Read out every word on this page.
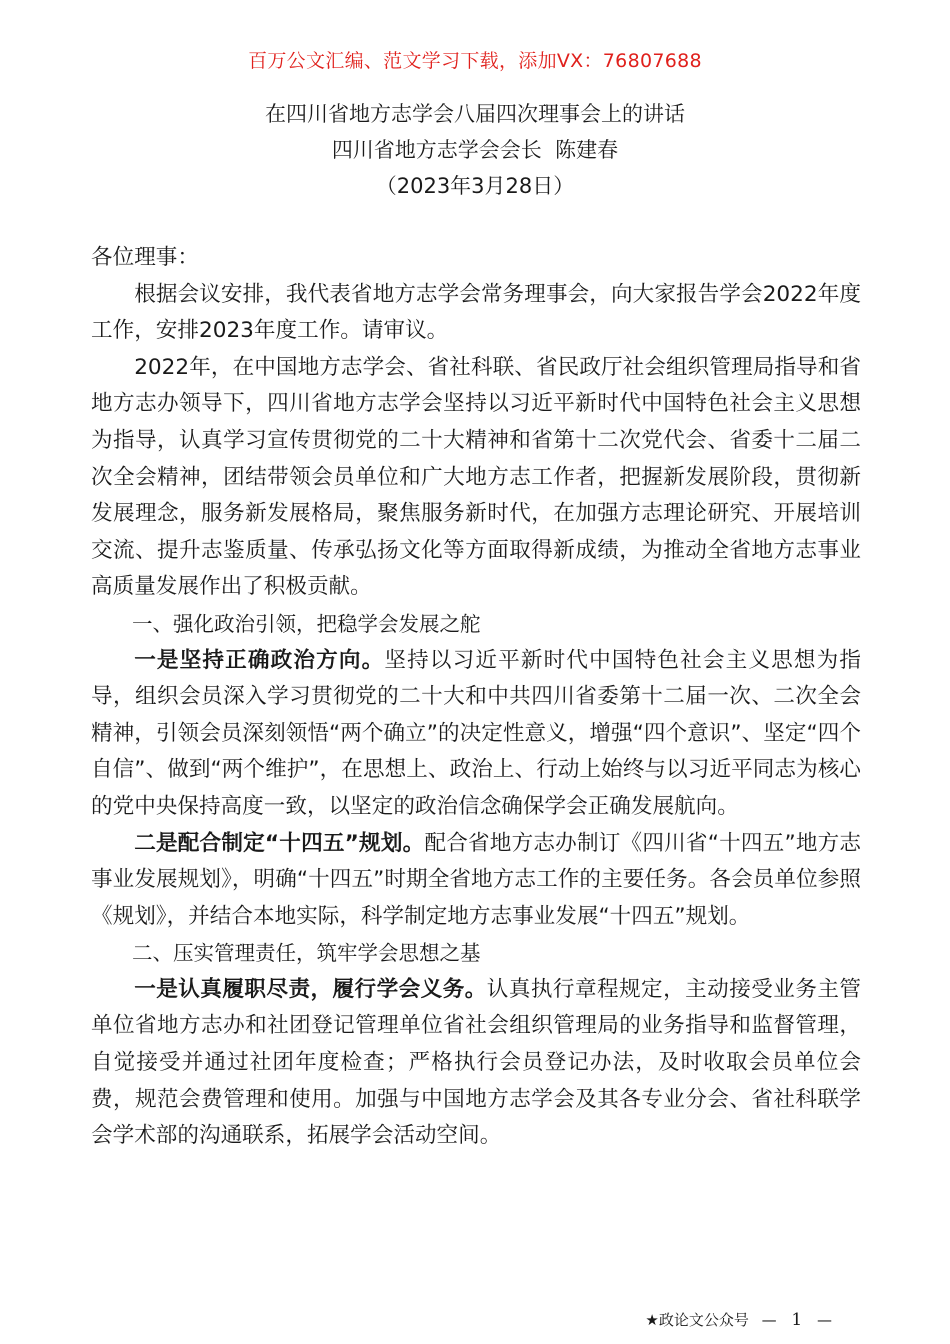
百万公文汇编、范文学习下载，添加VX：76807688
在四川省地方志学会八届四次理事会上的讲话
四川省地方志学会会长  陈建春
（2023年3月28日）
各位理事：
根据会议安排，我代表省地方志学会常务理事会，向大家报告学会2022年度工作，安排2023年度工作。请审议。
2022年，在中国地方志学会、省社科联、省民政厅社会组织管理局指导和省地方志办领导下，四川省地方志学会坚持以习近平新时代中国特色社会主义思想为指导，认真学习宣传贯彻党的二十大精神和省第十二次党代会、省委十二届二次全会精神，团结带领会员单位和广大地方志工作者，把握新发展阶段，贯彻新发展理念，服务新发展格局，聚焦服务新时代，在加强方志理论研究、开展培训交流、提升志鉴质量、传承弘扬文化等方面取得新成绩，为推动全省地方志事业高质量发展作出了积极贡献。
一、强化政治引领，把稳学会发展之舵
一是坚持正确政治方向。坚持以习近平新时代中国特色社会主义思想为指导，组织会员深入学习贯彻党的二十大和中共四川省委第十二届一次、二次全会精神，引领会员深刻领悟“两个确立”的决定性意义，增强“四个意识”、坚定“四个自信”、做到“两个维护”，在思想上、政治上、行动上始终与以习近平同志为核心的党中央保持高度一致，以坚定的政治信念确保学会正确发展航向。
二是配合制定“十四五”规划。配合省地方志办制订《四川省“十四五”地方志事业发展规划》，明确“十四五”时期全省地方志工作的主要任务。各会员单位参照《规划》，并结合本地实际，科学制定地方志事业发展“十四五”规划。
二、压实管理责任，筑牢学会思想之基
一是认真履职尽责，履行学会义务。认真执行章程规定，主动接受业务主管单位省地方志办和社团登记管理单位省社会组织管理局的业务指导和监督管理，自觉接受并通过社团年度检查；严格执行会员登记办法，及时收取会员单位会费，规范会费管理和使用。加强与中国地方志学会及其各专业分会、省社科联学会学术部的沟通联系，拓展学会活动空间。
★政论文公众号 — 1 —
